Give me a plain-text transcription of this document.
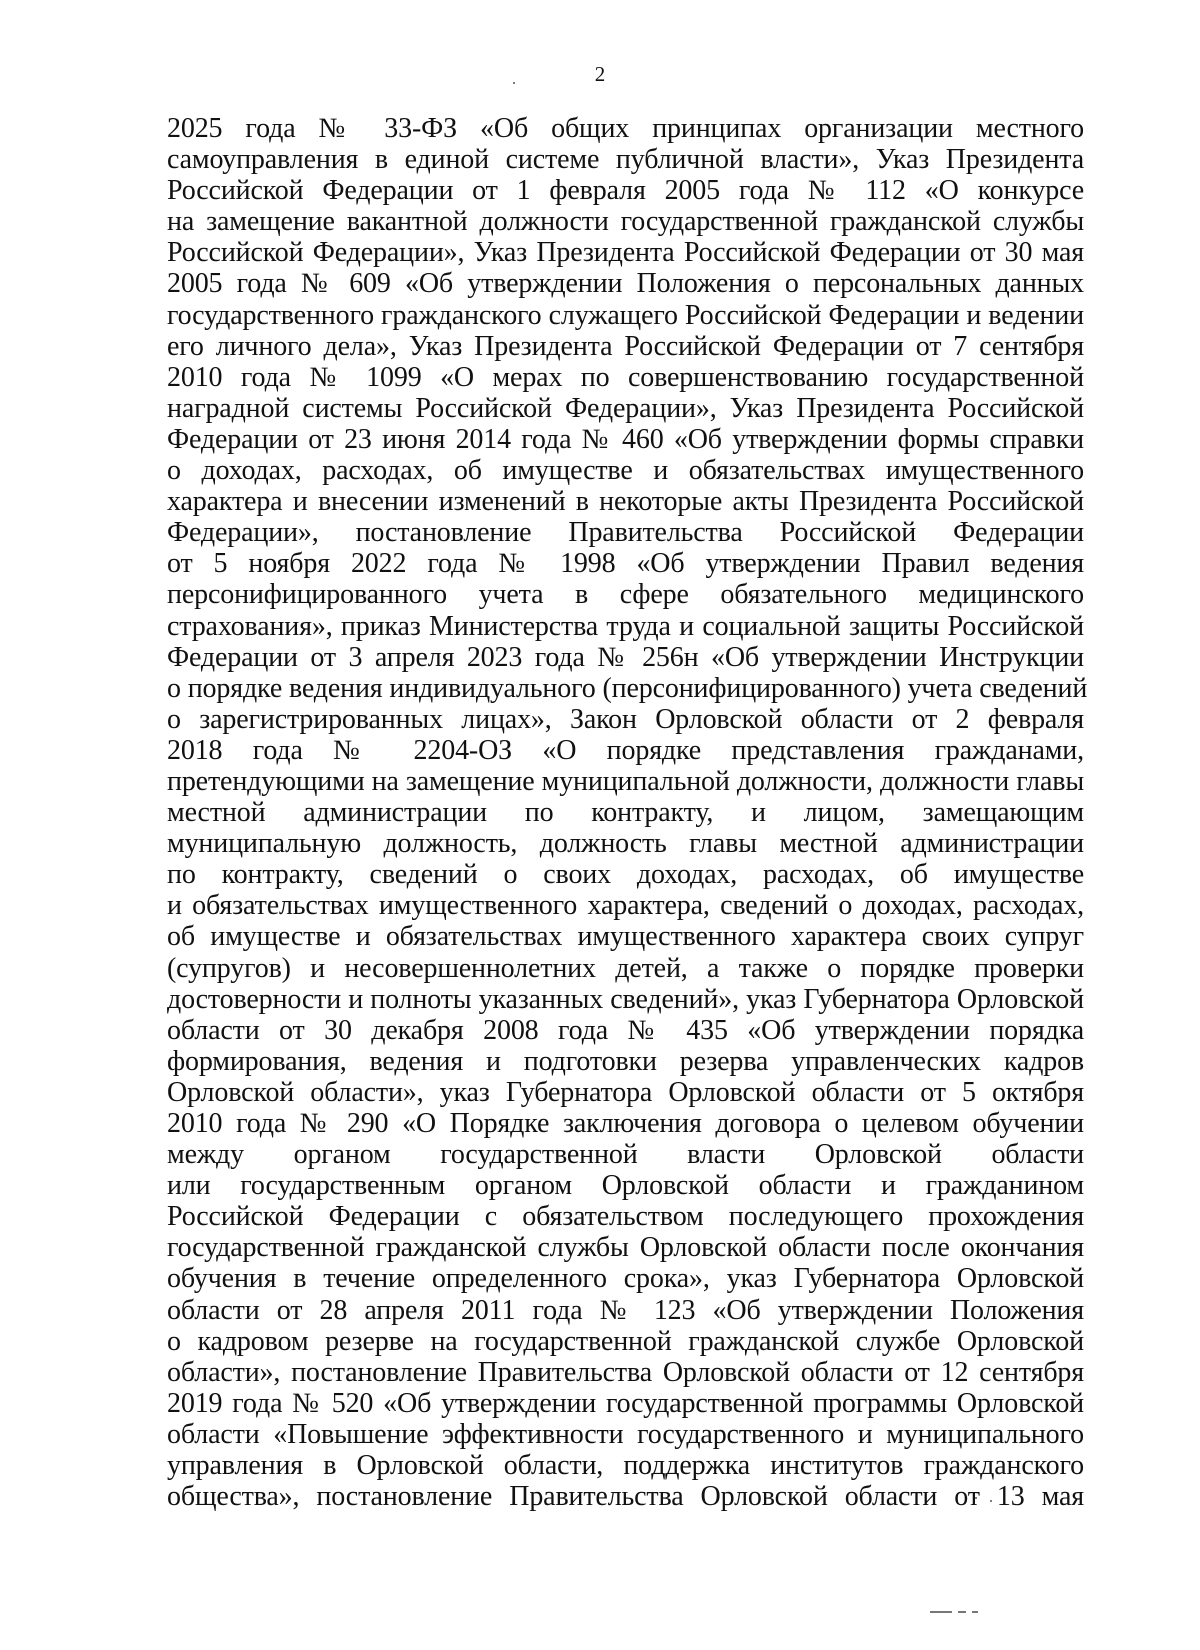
2
2025 года № 33-ФЗ «Об общих принципах организации местного
самоуправления в единой системе публичной власти», Указ Президента
Российской Федерации от 1 февраля 2005 года № 112 «О конкурсе
на замещение вакантной должности государственной гражданской службы
Российской Федерации», Указ Президента Российской Федерации от 30 мая
2005 года № 609 «Об утверждении Положения о персональных данных
государственного гражданского служащего Российской Федерации и ведении
его личного дела», Указ Президента Российской Федерации от 7 сентября
2010 года № 1099 «О мерах по совершенствованию государственной
наградной системы Российской Федерации», Указ Президента Российской
Федерации от 23 июня 2014 года № 460 «Об утверждении формы справки
о доходах, расходах, об имуществе и обязательствах имущественного
характера и внесении изменений в некоторые акты Президента Российской
Федерации», постановление Правительства Российской Федерации
от 5 ноября 2022 года № 1998 «Об утверждении Правил ведения
персонифицированного учета в сфере обязательного медицинского
страхования», приказ Министерства труда и социальной защиты Российской
Федерации от 3 апреля 2023 года № 256н «Об утверждении Инструкции
о порядке ведения индивидуального (персонифицированного) учета сведений
о зарегистрированных лицах», Закон Орловской области от 2 февраля
2018 года № 2204-ОЗ «О порядке представления гражданами,
претендующими на замещение муниципальной должности, должности главы
местной администрации по контракту, и лицом, замещающим
муниципальную должность, должность главы местной администрации
по контракту, сведений о своих доходах, расходах, об имуществе
и обязательствах имущественного характера, сведений о доходах, расходах,
об имуществе и обязательствах имущественного характера своих супруг
(супругов) и несовершеннолетних детей, а также о порядке проверки
достоверности и полноты указанных сведений», указ Губернатора Орловской
области от 30 декабря 2008 года № 435 «Об утверждении порядка
формирования, ведения и подготовки резерва управленческих кадров
Орловской области», указ Губернатора Орловской области от 5 октября
2010 года № 290 «О Порядке заключения договора о целевом обучении
между органом государственной власти Орловской области
или государственным органом Орловской области и гражданином
Российской Федерации с обязательством последующего прохождения
государственной гражданской службы Орловской области после окончания
обучения в течение определенного срока», указ Губернатора Орловской
области от 28 апреля 2011 года № 123 «Об утверждении Положения
о кадровом резерве на государственной гражданской службе Орловской
области», постановление Правительства Орловской области от 12 сентября
2019 года № 520 «Об утверждении государственной программы Орловской
области «Повышение эффективности государственного и муниципального
управления в Орловской области, поддержка институтов гражданского
общества», постановление Правительства Орловской области от 13 мая
